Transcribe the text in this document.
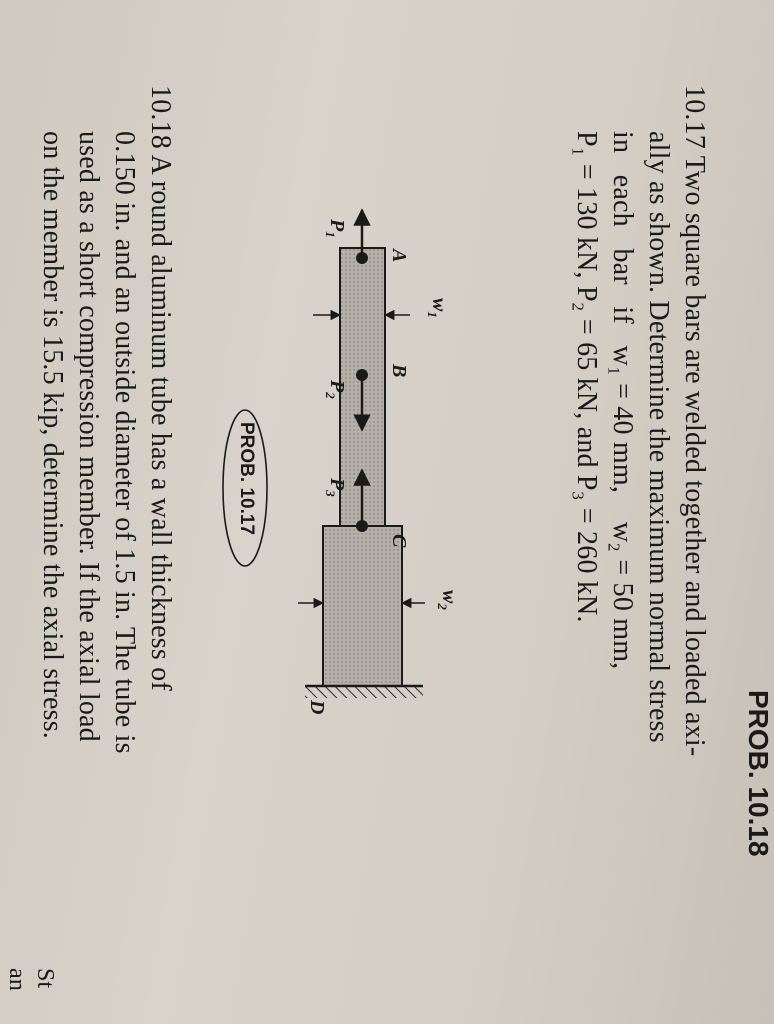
PROB. 10.18
10.17 Two square bars are welded together and loaded axi-
ally as shown. Determine the maximum normal stress
in   each   bar   if   w₁ = 40 mm,    w₂ = 50 mm,
P₁ = 130 kN, P₂ = 65 kN, and P₃ = 260 kN.
A
B
C
D
$P_1$
$P_2$
$P_3$
$w_1$
$w_2$
PROB. 10.17
10.18 A round aluminum tube has a wall thickness of
0.150 in. and an outside diameter of 1.5 in. The tube is
used as a short compression member. If the axial load
on the member is 15.5 kip, determine the axial stress.
St
an
